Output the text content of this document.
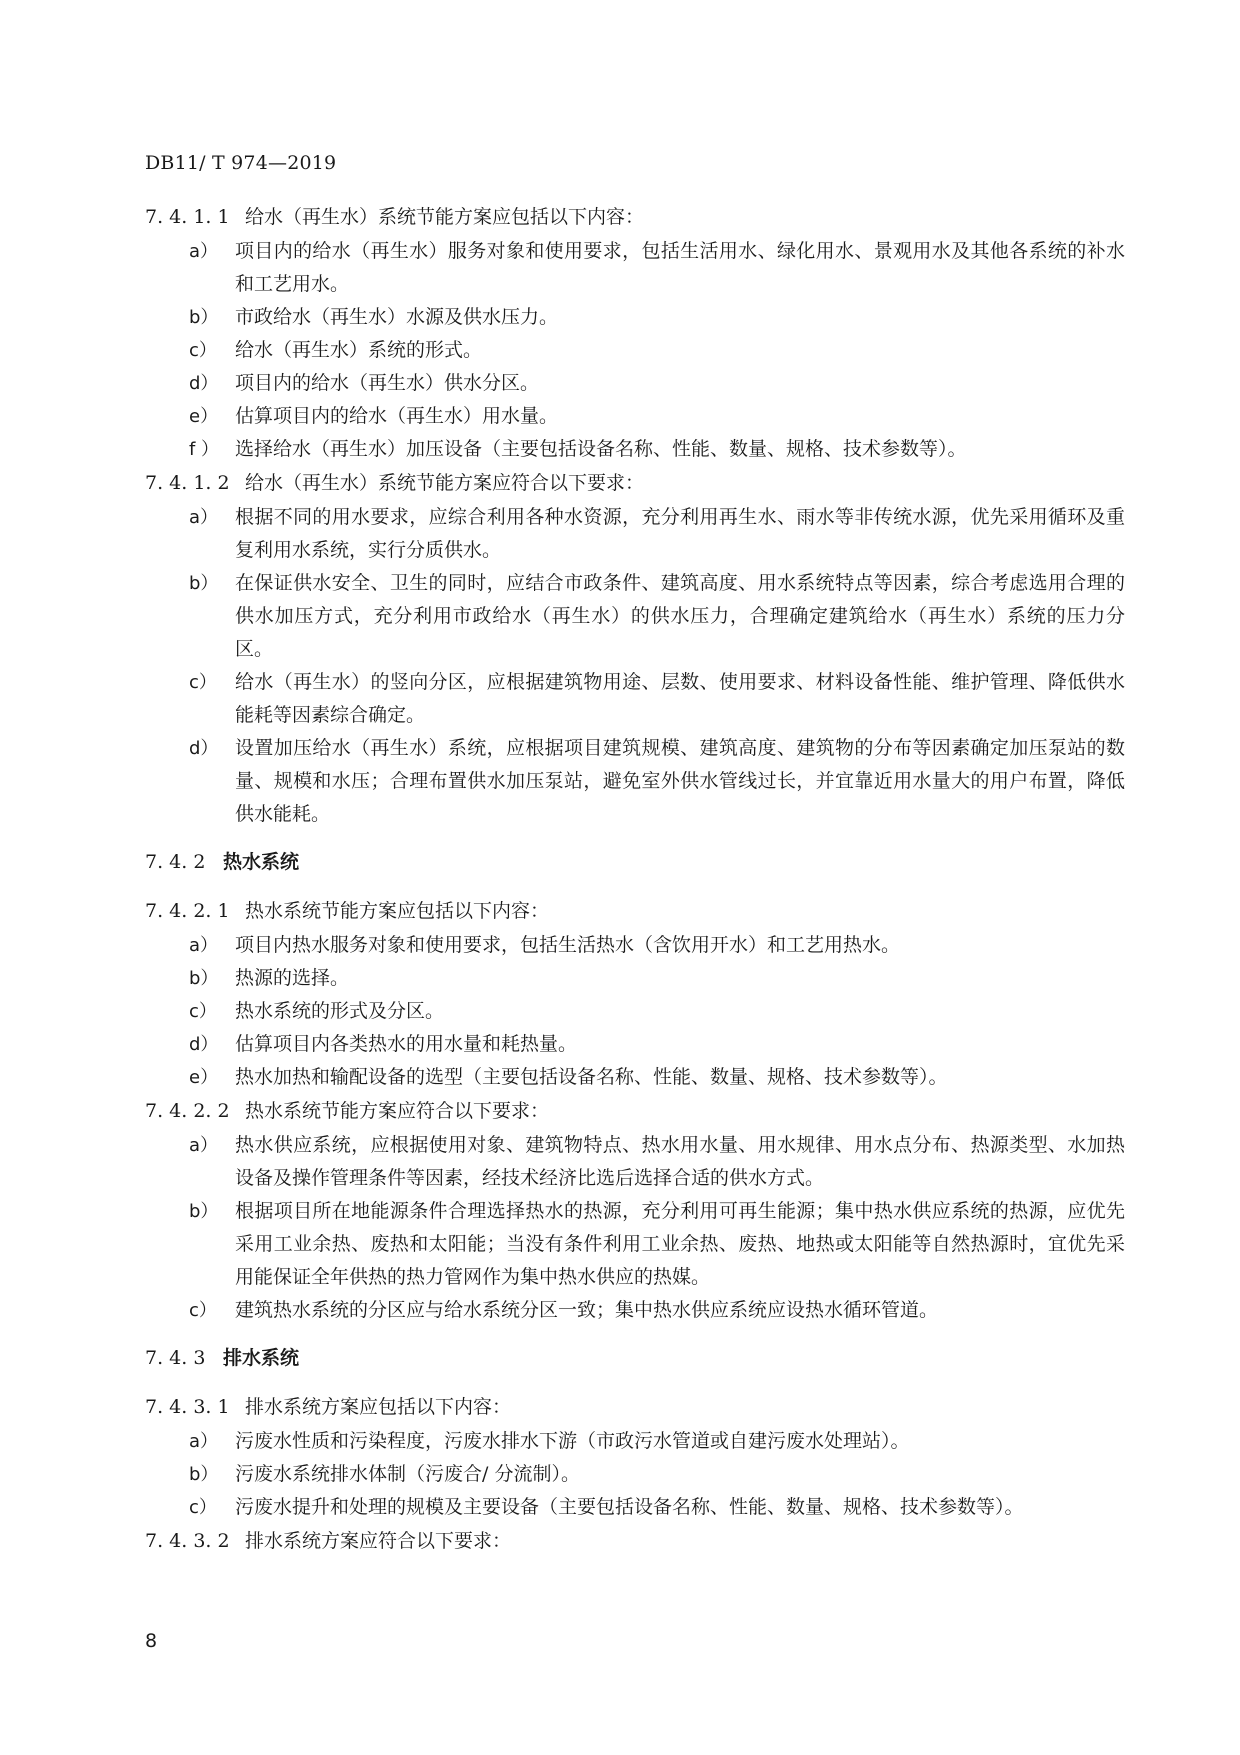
DB11/ T 974—2019
7. 4. 1. 1 给水（再生水）系统节能方案应包括以下内容：
a） 项目内的给水（再生水）服务对象和使用要求，包括生活用水、绿化用水、景观用水及其他各系统的补水和工艺用水。
b） 市政给水（再生水）水源及供水压力。
c） 给水（再生水）系统的形式。
d） 项目内的给水（再生水）供水分区。
e） 估算项目内的给水（再生水）用水量。
f ） 选择给水（再生水）加压设备（主要包括设备名称、性能、数量、规格、技术参数等）。
7. 4. 1. 2 给水（再生水）系统节能方案应符合以下要求：
a） 根据不同的用水要求，应综合利用各种水资源，充分利用再生水、雨水等非传统水源，优先采用循环及重复利用水系统，实行分质供水。
b） 在保证供水安全、卫生的同时，应结合市政条件、建筑高度、用水系统特点等因素，综合考虑选用合理的供水加压方式，充分利用市政给水（再生水）的供水压力，合理确定建筑给水（再生水）系统的压力分区。
c） 给水（再生水）的竖向分区，应根据建筑物用途、层数、使用要求、材料设备性能、维护管理、降低供水能耗等因素综合确定。
d） 设置加压给水（再生水）系统，应根据项目建筑规模、建筑高度、建筑物的分布等因素确定加压泵站的数量、规模和水压；合理布置供水加压泵站，避免室外供水管线过长，并宜靠近用水量大的用户布置，降低供水能耗。
7. 4. 2 热水系统
7. 4. 2. 1 热水系统节能方案应包括以下内容：
a） 项目内热水服务对象和使用要求，包括生活热水（含饮用开水）和工艺用热水。
b） 热源的选择。
c） 热水系统的形式及分区。
d） 估算项目内各类热水的用水量和耗热量。
e） 热水加热和输配设备的选型（主要包括设备名称、性能、数量、规格、技术参数等）。
7. 4. 2. 2 热水系统节能方案应符合以下要求：
a） 热水供应系统，应根据使用对象、建筑物特点、热水用水量、用水规律、用水点分布、热源类型、水加热设备及操作管理条件等因素，经技术经济比选后选择合适的供水方式。
b） 根据项目所在地能源条件合理选择热水的热源，充分利用可再生能源；集中热水供应系统的热源，应优先采用工业余热、废热和太阳能；当没有条件利用工业余热、废热、地热或太阳能等自然热源时，宜优先采用能保证全年供热的热力管网作为集中热水供应的热媒。
c） 建筑热水系统的分区应与给水系统分区一致；集中热水供应系统应设热水循环管道。
7. 4. 3 排水系统
7. 4. 3. 1 排水系统方案应包括以下内容：
a） 污废水性质和污染程度，污废水排水下游（市政污水管道或自建污废水处理站）。
b） 污废水系统排水体制（污废合/ 分流制）。
c） 污废水提升和处理的规模及主要设备（主要包括设备名称、性能、数量、规格、技术参数等）。
7. 4. 3. 2 排水系统方案应符合以下要求：
8
